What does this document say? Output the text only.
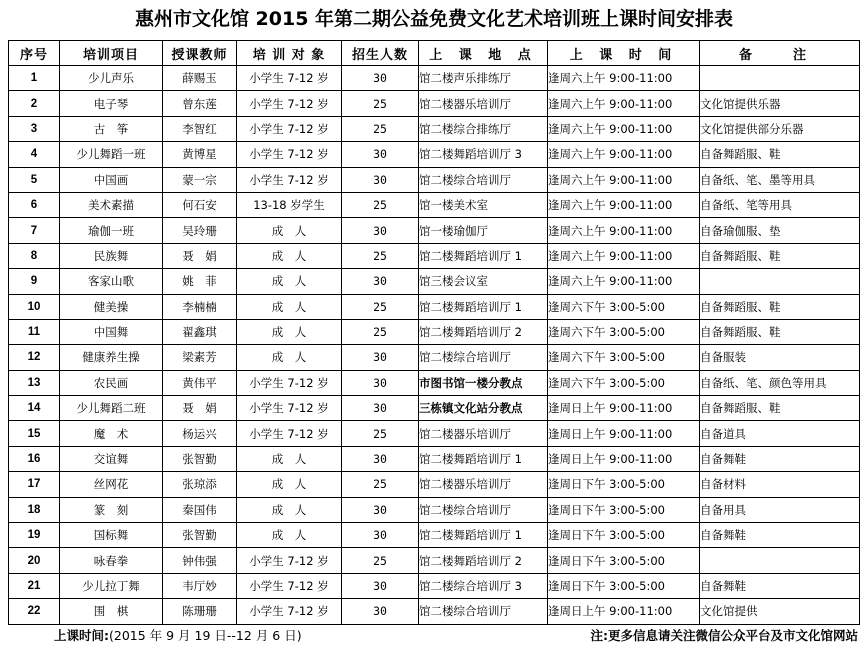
惠州市文化馆 2015 年第二期公益免费文化艺术培训班上课时间安排表
序号	培训项目	授课教师	培 训 对 象	招生人数	上 课 地 点	上 课 时 间	备　注
1	少儿声乐	薛赐玉	小学生 7-12 岁	30	馆二楼声乐排练厅	逢周六上午 9:00-11:00	
2	电子琴	曾东莲	小学生 7-12 岁	25	馆二楼器乐培训厅	逢周六上午 9:00-11:00	文化馆提供乐器
3	古　筝	李智红	小学生 7-12 岁	25	馆二楼综合排练厅	逢周六上午 9:00-11:00	文化馆提供部分乐器
4	少儿舞蹈一班	黄博星	小学生 7-12 岁	30	馆二楼舞蹈培训厅 3	逢周六上午 9:00-11:00	自备舞蹈服、鞋
5	中国画	蒙一宗	小学生 7-12 岁	30	馆二楼综合培训厅	逢周六上午 9:00-11:00	自备纸、笔、墨等用具
6	美术素描	何石安	13-18 岁学生	25	馆一楼美术室	逢周六上午 9:00-11:00	自备纸、笔等用具
7	瑜伽一班	吴玲珊	成　人	30	馆一楼瑜伽厅	逢周六上午 9:00-11:00	自备瑜伽服、垫
8	民族舞	聂　娟	成　人	25	馆二楼舞蹈培训厅 1	逢周六上午 9:00-11:00	自备舞蹈服、鞋
9	客家山歌	姚　菲	成　人	30	馆三楼会议室	逢周六上午 9:00-11:00	
10	健美操	李楠楠	成　人	25	馆二楼舞蹈培训厅 1	逢周六下午 3:00-5:00	自备舞蹈服、鞋
11	中国舞	翟鑫琪	成　人	25	馆二楼舞蹈培训厅 2	逢周六下午 3:00-5:00	自备舞蹈服、鞋
12	健康养生操	梁素芳	成　人	30	馆二楼综合培训厅	逢周六下午 3:00-5:00	自备服装
13	农民画	黄伟平	小学生 7-12 岁	30	市图书馆一楼分教点	逢周六下午 3:00-5:00	自备纸、笔、颜色等用具
14	少儿舞蹈二班	聂　娟	小学生 7-12 岁	30	三栋镇文化站分教点	逢周日上午 9:00-11:00	自备舞蹈服、鞋
15	魔　术	杨运兴	小学生 7-12 岁	25	馆二楼器乐培训厅	逢周日上午 9:00-11:00	自备道具
16	交谊舞	张智勤	成　人	30	馆二楼舞蹈培训厅 1	逢周日上午 9:00-11:00	自备舞鞋
17	丝网花	张琼添	成　人	25	馆二楼器乐培训厅	逢周日下午 3:00-5:00	自备材料
18	篆　刻	秦国伟	成　人	30	馆二楼综合培训厅	逢周日下午 3:00-5:00	自备用具
19	国标舞	张智勤	成　人	30	馆二楼舞蹈培训厅 1	逢周日下午 3:00-5:00	自备舞鞋
20	咏春拳	钟伟强	小学生 7-12 岁	25	馆二楼舞蹈培训厅 2	逢周日下午 3:00-5:00	
21	少儿拉丁舞	韦厅妙	小学生 7-12 岁	30	馆二楼综合培训厅 3	逢周日下午 3:00-5:00	自备舞鞋
22	围　棋	陈珊珊	小学生 7-12 岁	30	馆二楼综合培训厅	逢周日上午 9:00-11:00	文化馆提供
上课时间:(2015 年 9 月 19 日--12 月 6 日)	注:更多信息请关注微信公众平台及市文化馆网站
